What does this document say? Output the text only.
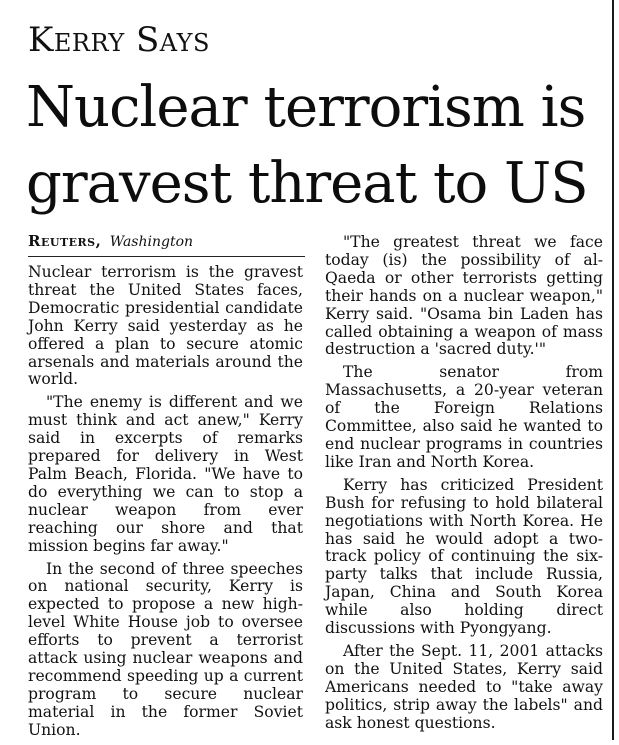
Kerry Says
Nuclear terrorism is gravest threat to US
Reuters, Washington

Nuclear terrorism is the gravest threat the United States faces, Democratic presidential candidate John Kerry said yesterday as he offered a plan to secure atomic arsenals and materials around the world.

"The enemy is different and we must think and act anew," Kerry said in excerpts of remarks prepared for delivery in West Palm Beach, Florida. "We have to do everything we can to stop a nuclear weapon from ever reaching our shore and that mission begins far away."

In the second of three speeches on national security, Kerry is expected to propose a new high-level White House job to oversee efforts to prevent a terrorist attack using nuclear weapons and recommend speeding up a current program to secure nuclear material in the former Soviet Union.

"The greatest threat we face today (is) the possibility of al-Qaeda or other terrorists getting their hands on a nuclear weapon," Kerry said. "Osama bin Laden has called obtaining a weapon of mass destruction a 'sacred duty.'"

The senator from Massachusetts, a 20-year veteran of the Foreign Relations Committee, also said he wanted to end nuclear programs in countries like Iran and North Korea.

Kerry has criticized President Bush for refusing to hold bilateral negotiations with North Korea. He has said he would adopt a two-track policy of continuing the six-party talks that include Russia, Japan, China and South Korea while also holding direct discussions with Pyongyang.

After the Sept. 11, 2001 attacks on the United States, Kerry said Americans needed to "take away politics, strip away the labels" and ask honest questions.
